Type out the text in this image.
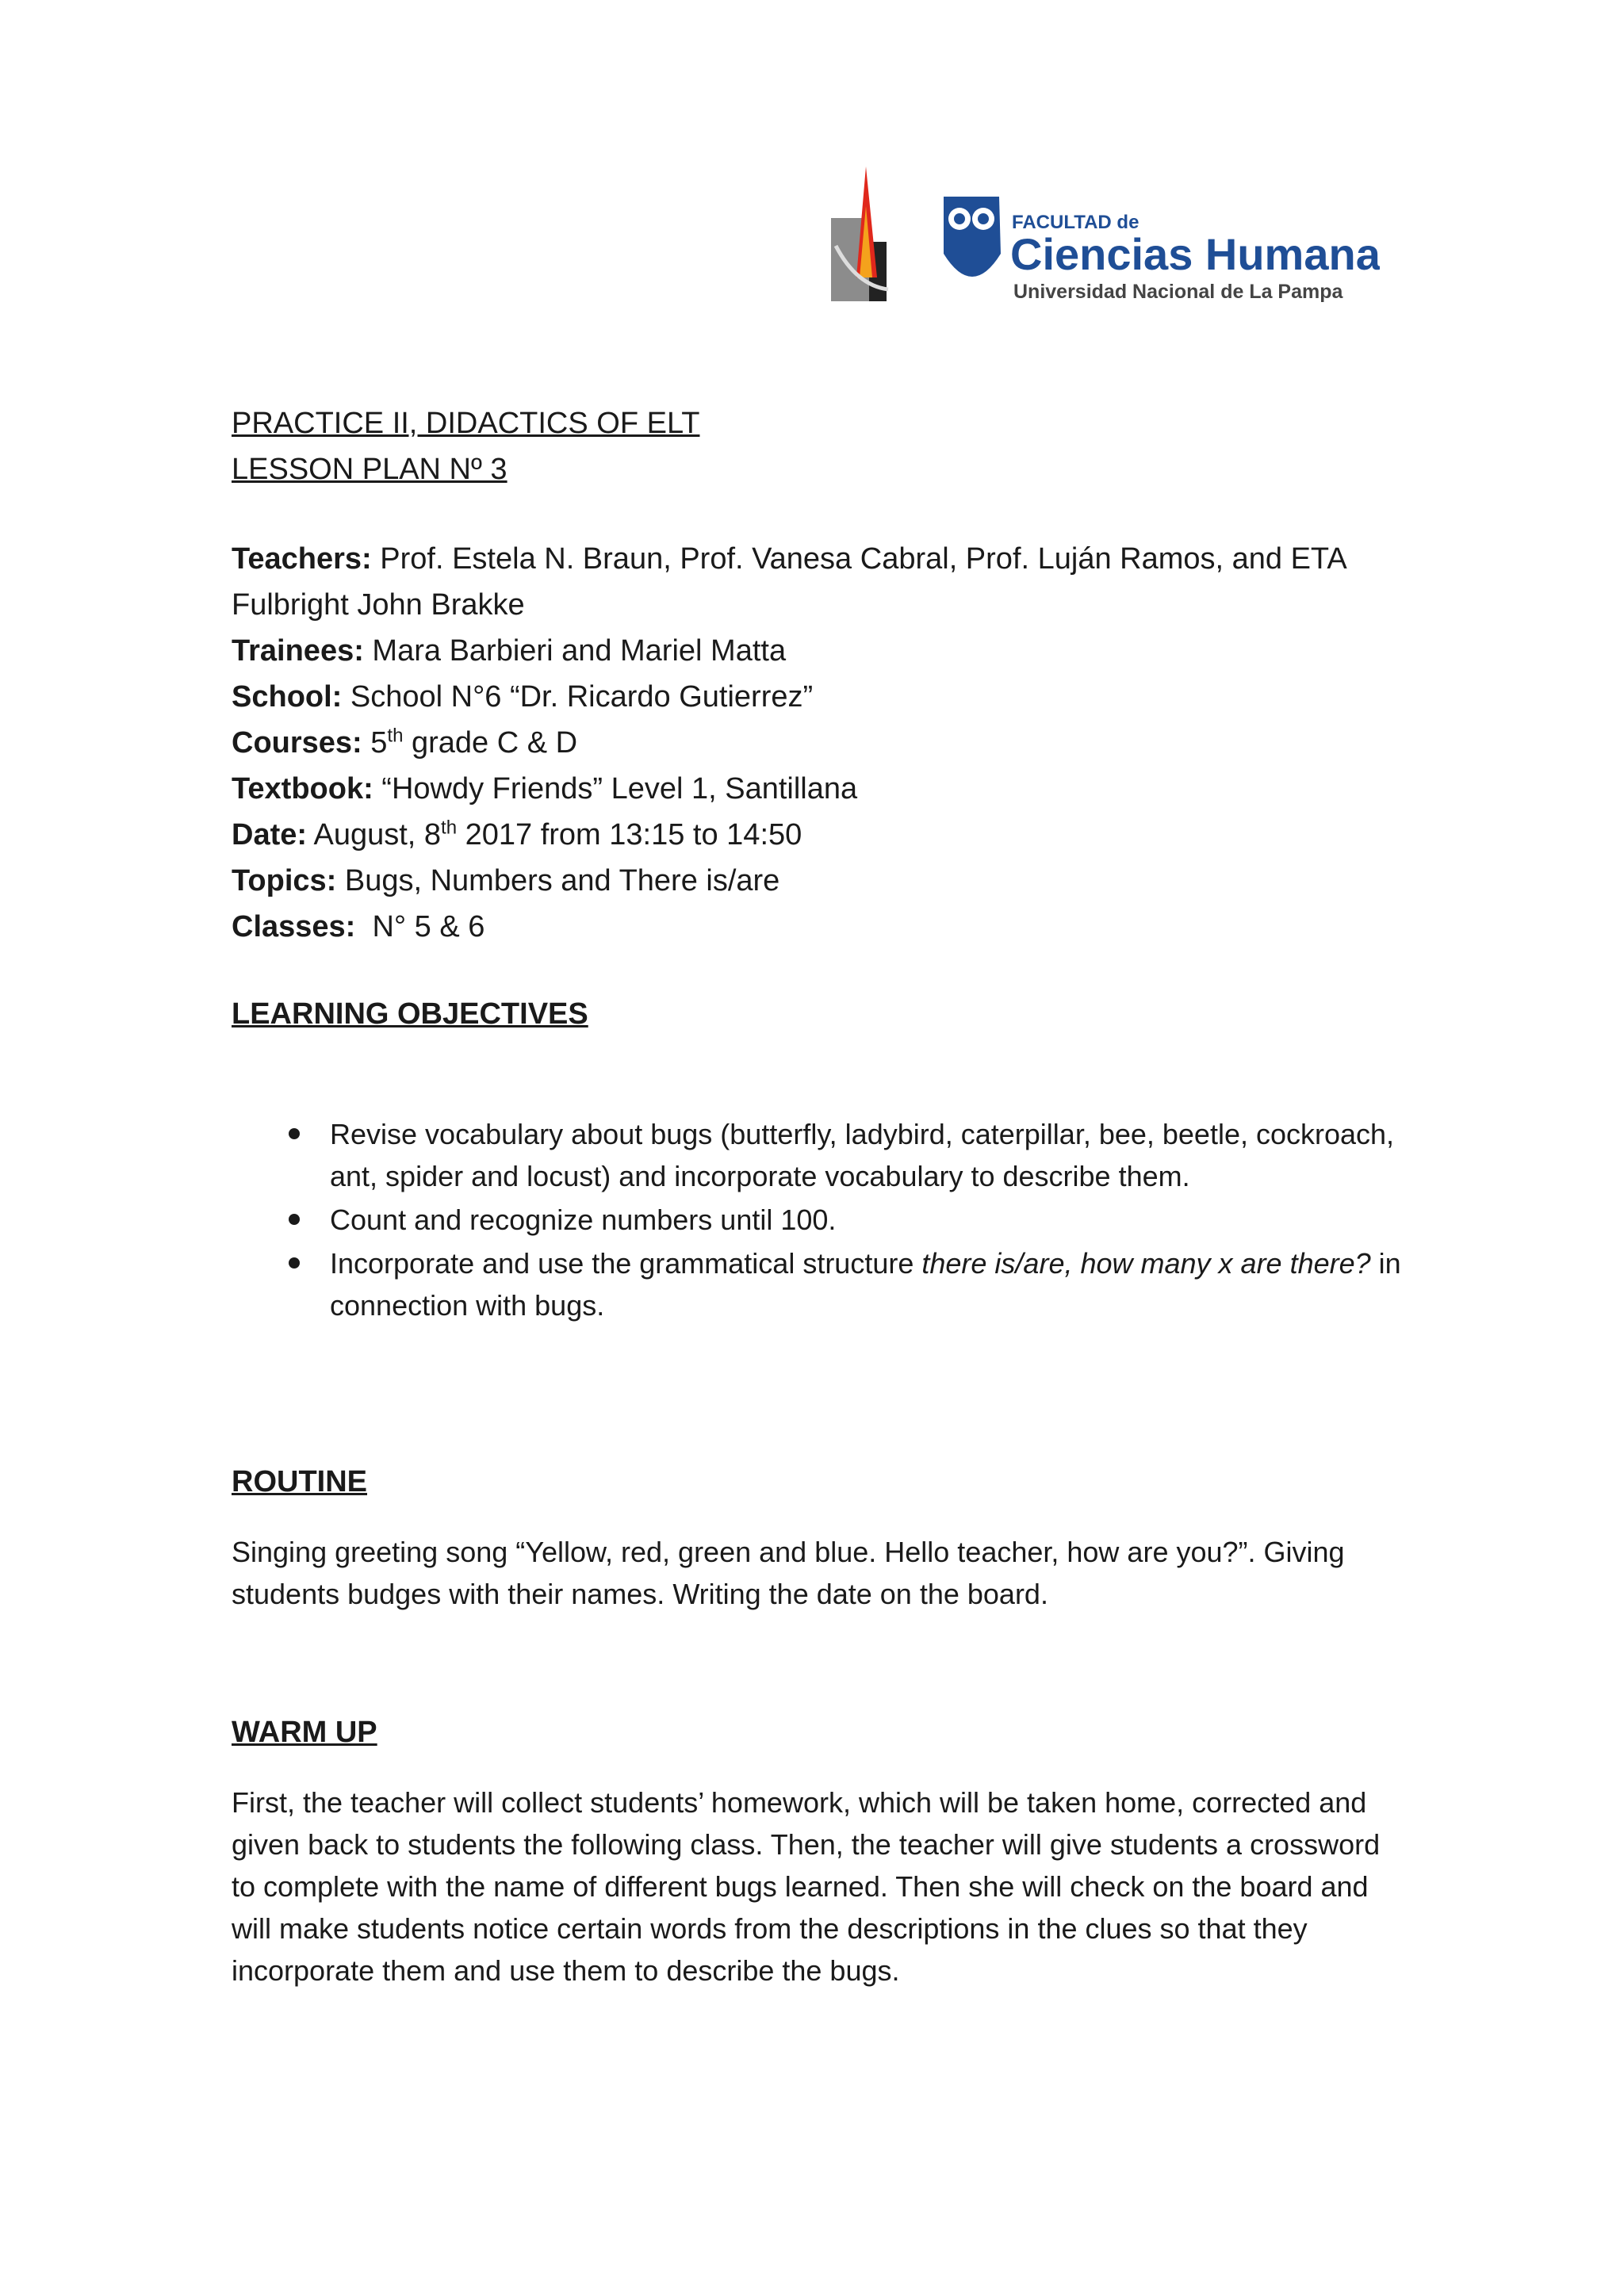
FACULTAD de
Ciencias Humanas
Universidad Nacional de La Pampa

PRACTICE II, DIDACTICS OF ELT

LESSON PLAN Nº 3

Teachers: Prof. Estela N. Braun, Prof. Vanesa Cabral, Prof. Luján Ramos, and ETA

Fulbright John Brakke

Trainees: Mara Barbieri and Mariel Matta

School: School N°6 “Dr. Ricardo Gutierrez”

Courses: 5th grade C & D

Textbook: “Howdy Friends” Level 1, Santillana

Date: August, 8th 2017 from 13:15 to 14:50

Topics: Bugs, Numbers and There is/are

Classes:  N° 5 & 6

LEARNING OBJECTIVES

Revise vocabulary about bugs (butterfly, ladybird, caterpillar, bee, beetle, cockroach, ant, spider and locust) and incorporate vocabulary to describe them.
Count and recognize numbers until 100.
Incorporate and use the grammatical structure there is/are, how many x are there? in connection with bugs.

ROUTINE

Singing greeting song “Yellow, red, green and blue. Hello teacher, how are you?”. Giving students budges with their names. Writing the date on the board.

WARM UP

First, the teacher will collect students’ homework, which will be taken home, corrected and given back to students the following class. Then, the teacher will give students a crossword to complete with the name of different bugs learned. Then she will check on the board and will make students notice certain words from the descriptions in the clues so that they incorporate them and use them to describe the bugs.
